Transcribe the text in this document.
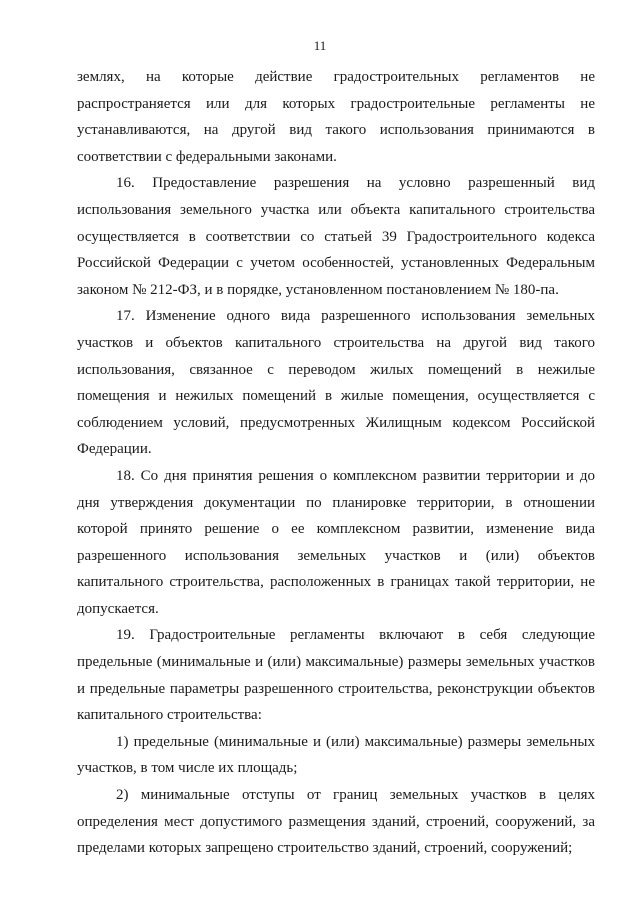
11

землях, на которые действие градостроительных регламентов не распространяется или для которых градостроительные регламенты не устанавливаются, на другой вид такого использования принимаются в соответствии с федеральными законами.

16. Предоставление разрешения на условно разрешенный вид использования земельного участка или объекта капитального строительства осуществляется в соответствии со статьей 39 Градостроительного кодекса Российской Федерации с учетом особенностей, установленных Федеральным законом № 212-ФЗ, и в порядке, установленном постановлением № 180-па.

17. Изменение одного вида разрешенного использования земельных участков и объектов капитального строительства на другой вид такого использования, связанное с переводом жилых помещений в нежилые помещения и нежилых помещений в жилые помещения, осуществляется с соблюдением условий, предусмотренных Жилищным кодексом Российской Федерации.

18. Со дня принятия решения о комплексном развитии территории и до дня утверждения документации по планировке территории, в отношении которой принято решение о ее комплексном развитии, изменение вида разрешенного использования земельных участков и (или) объектов капитального строительства, расположенных в границах такой территории, не допускается.

19. Градостроительные регламенты включают в себя следующие предельные (минимальные и (или) максимальные) размеры земельных участков и предельные параметры разрешенного строительства, реконструкции объектов капитального строительства:

1) предельные (минимальные и (или) максимальные) размеры земельных участков, в том числе их площадь;

2) минимальные отступы от границ земельных участков в целях определения мест допустимого размещения зданий, строений, сооружений, за пределами которых запрещено строительство зданий, строений, сооружений;
